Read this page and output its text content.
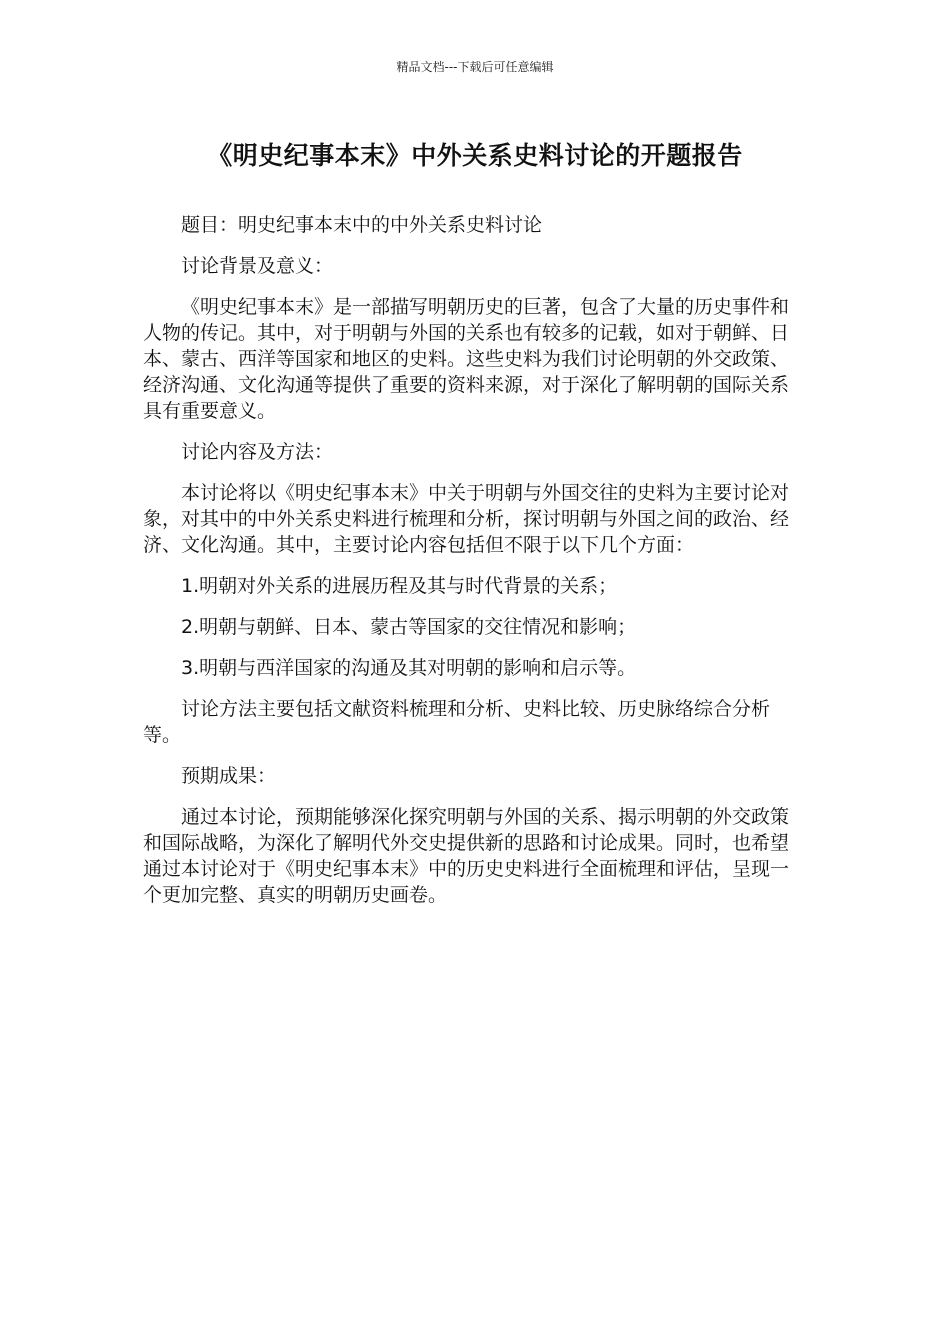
精品文档---下载后可任意编辑
《明史纪事本末》中外关系史料讨论的开题报告

题目：明史纪事本末中的中外关系史料讨论

讨论背景及意义：

《明史纪事本末》是一部描写明朝历史的巨著，包含了大量的历史事件和人物的传记。其中，对于明朝与外国的关系也有较多的记载，如对于朝鲜、日本、蒙古、西洋等国家和地区的史料。这些史料为我们讨论明朝的外交政策、经济沟通、文化沟通等提供了重要的资料来源，对于深化了解明朝的国际关系具有重要意义。

讨论内容及方法：

本讨论将以《明史纪事本末》中关于明朝与外国交往的史料为主要讨论对象，对其中的中外关系史料进行梳理和分析，探讨明朝与外国之间的政治、经济、文化沟通。其中，主要讨论内容包括但不限于以下几个方面：

1.明朝对外关系的进展历程及其与时代背景的关系；

2.明朝与朝鲜、日本、蒙古等国家的交往情况和影响；

3.明朝与西洋国家的沟通及其对明朝的影响和启示等。

讨论方法主要包括文献资料梳理和分析、史料比较、历史脉络综合分析等。

预期成果：

通过本讨论，预期能够深化探究明朝与外国的关系、揭示明朝的外交政策和国际战略，为深化了解明代外交史提供新的思路和讨论成果。同时，也希望通过本讨论对于《明史纪事本末》中的历史史料进行全面梳理和评估，呈现一个更加完整、真实的明朝历史画卷。
